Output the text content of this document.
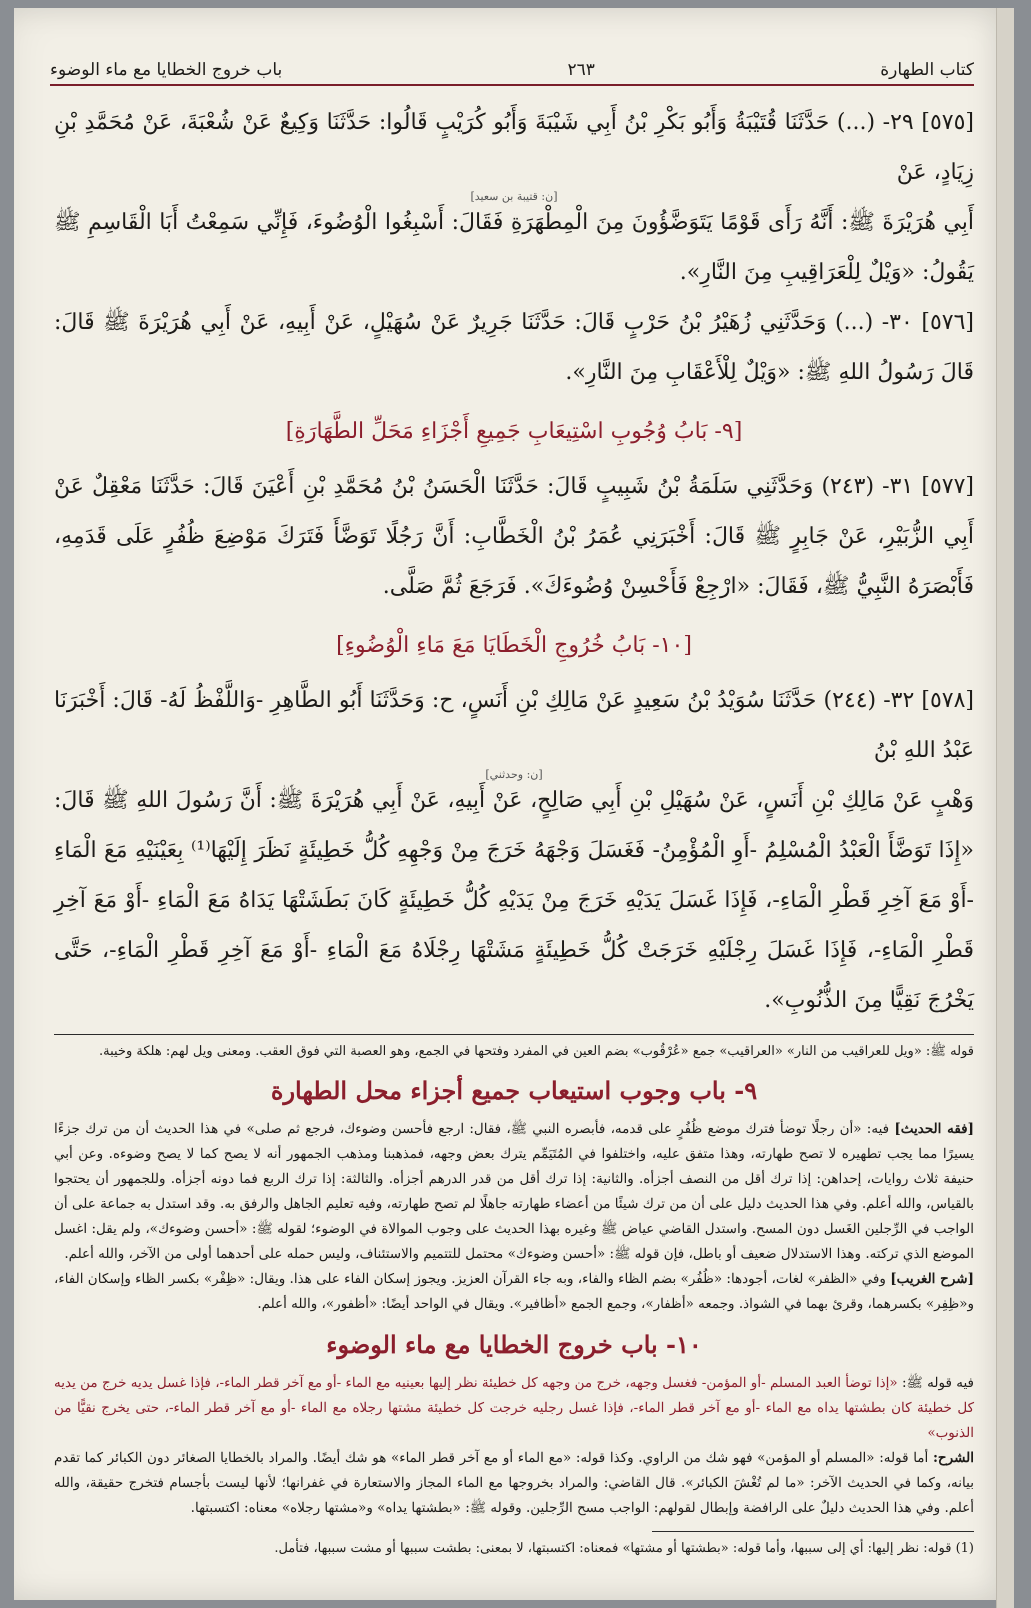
كتاب الطهارة
٢٦٣
باب خروج الخطايا مع ماء الوضوء

[٥٧٥] ٢٩- (...) حَدَّثَنَا قُتَيْبَةُ وَأَبُو بَكْرِ بْنُ أَبِي شَيْبَةَ وَأَبُو كُرَيْبٍ قَالُوا: حَدَّثَنَا وَكِيعٌ عَنْ شُعْبَةَ، عَنْ مُحَمَّدِ بْنِ زِيَادٍ، عَنْ
[ن: قتيبة بن سعيد]
أَبِي هُرَيْرَةَ ﷺ: أَنَّهُ رَأَى قَوْمًا يَتَوَضَّؤُونَ مِنَ الْمِطْهَرَةِ فَقَالَ: أَسْبِغُوا الْوُضُوءَ، فَإِنِّي سَمِعْتُ أَبَا الْقَاسِمِ ﷺ يَقُولُ: «وَيْلٌ لِلْعَرَاقِيبِ مِنَ النَّارِ».

[٥٧٦] ٣٠- (...) وَحَدَّثَنِي زُهَيْرُ بْنُ حَرْبٍ قَالَ: حَدَّثَنَا جَرِيرٌ عَنْ سُهَيْلٍ، عَنْ أَبِيهِ، عَنْ أَبِي هُرَيْرَةَ ﷺ قَالَ: قَالَ رَسُولُ اللهِ ﷺ: «وَيْلٌ لِلْأَعْقَابِ مِنَ النَّارِ».

[٩- بَابُ وُجُوبِ اسْتِيعَابِ جَمِيعِ أَجْزَاءِ مَحَلِّ الطَّهَارَةِ]

[٥٧٧] ٣١- (٢٤٣) وَحَدَّثَنِي سَلَمَةُ بْنُ شَبِيبٍ قَالَ: حَدَّثَنَا الْحَسَنُ بْنُ مُحَمَّدِ بْنِ أَعْيَنَ قَالَ: حَدَّثَنَا مَعْقِلٌ عَنْ أَبِي الزُّبَيْرِ، عَنْ جَابِرٍ ﷺ قَالَ: أَخْبَرَنِي عُمَرُ بْنُ الْخَطَّابِ: أَنَّ رَجُلًا تَوَضَّأَ فَتَرَكَ مَوْضِعَ ظُفُرٍ عَلَى قَدَمِهِ، فَأَبْصَرَهُ النَّبِيُّ ﷺ، فَقَالَ: «ارْجِعْ فَأَحْسِنْ وُضُوءَكَ». فَرَجَعَ ثُمَّ صَلَّى.

[١٠- بَابُ خُرُوجِ الْخَطَايَا مَعَ مَاءِ الْوُضُوءِ]

[٥٧٨] ٣٢- (٢٤٤) حَدَّثَنَا سُوَيْدُ بْنُ سَعِيدٍ عَنْ مَالِكِ بْنِ أَنَسٍ، ح: وَحَدَّثَنَا أَبُو الطَّاهِرِ -وَاللَّفْظُ لَهُ- قَالَ: أَخْبَرَنَا عَبْدُ اللهِ بْنُ
[ن: وحدثني]
وَهْبٍ عَنْ مَالِكِ بْنِ أَنَسٍ، عَنْ سُهَيْلِ بْنِ أَبِي صَالِحٍ، عَنْ أَبِيهِ، عَنْ أَبِي هُرَيْرَةَ ﷺ: أَنَّ رَسُولَ اللهِ ﷺ قَالَ: «إِذَا تَوَضَّأَ الْعَبْدُ الْمُسْلِمُ -أَوِ الْمُؤْمِنُ- فَغَسَلَ وَجْهَهُ خَرَجَ مِنْ وَجْهِهِ كُلُّ خَطِيئَةٍ نَظَرَ إِلَيْهَا⁽¹⁾ بِعَيْنَيْهِ مَعَ الْمَاءِ -أَوْ مَعَ آخِرِ قَطْرِ الْمَاءِ-، فَإِذَا غَسَلَ يَدَيْهِ خَرَجَ مِنْ يَدَيْهِ كُلُّ خَطِيئَةٍ كَانَ بَطَشَتْهَا يَدَاهُ مَعَ الْمَاءِ -أَوْ مَعَ آخِرِ قَطْرِ الْمَاءِ-، فَإِذَا غَسَلَ رِجْلَيْهِ خَرَجَتْ كُلُّ خَطِيئَةٍ مَشَتْهَا رِجْلَاهُ مَعَ الْمَاءِ -أَوْ مَعَ آخِرِ قَطْرِ الْمَاءِ-، حَتَّى يَخْرُجَ نَقِيًّا مِنَ الذُّنُوبِ».

قوله ﷺ: «ويل للعراقيب من النار» «العراقيب» جمع «عُرْقُوب» بضم العين في المفرد وفتحها في الجمع، وهو العصبة التي فوق العقب. ومعنى ويل لهم: هلكة وخيبة.
٩- باب وجوب استيعاب جميع أجزاء محل الطهارة

[فقه الحديث] فيه: «أن رجلًا توضأ فترك موضع ظُفُرٍ على قدمه، فأبصره النبي ﷺ، فقال: ارجع فأحسن وضوءك، فرجع ثم صلى» في هذا الحديث أن من ترك جزءًا يسيرًا مما يجب تطهيره لا تصح طهارته، وهذا متفق عليه، واختلفوا في المُتَيَمِّم يترك بعض وجهه، فمذهبنا ومذهب الجمهور أنه لا يصح كما لا يصح وضوءه. وعن أبي حنيفة ثلاث روايات، إحداهن: إذا ترك أقل من النصف أجزأه. والثانية: إذا ترك أقل من قدر الدرهم أجزأه. والثالثة: إذا ترك الربع فما دونه أجزأه. وللجمهور أن يحتجوا بالقياس، والله أعلم. وفي هذا الحديث دليل على أن من ترك شيئًا من أعضاء طهارته جاهلًا لم تصح طهارته، وفيه تعليم الجاهل والرفق به. وقد استدل به جماعة على أن الواجب في الرِّجلين الغَسل دون المسح. واستدل القاضي عياض ﷺ وغيره بهذا الحديث على وجوب الموالاة في الوضوء؛ لقوله ﷺ: «أحسن وضوءك»، ولم يقل: اغسل الموضع الذي تركته. وهذا الاستدلال ضعيف أو باطل، فإن قوله ﷺ: «أحسن وضوءك» محتمل للتتميم والاستئناف، وليس حمله على أحدهما أولى من الآخر، والله أعلم.

[شرح الغريب] وفي «الظفر» لغات، أجودها: «ظُفُر» بضم الظاء والفاء، وبه جاء القرآن العزيز. ويجوز إسكان الفاء على هذا. ويقال: «ظِفْر» بكسر الظاء وإسكان الفاء، و«ظِفِر» بكسرهما، وقرئ بهما في الشواذ. وجمعه «أظفار»، وجمع الجمع «أظافير». ويقال في الواحد أيضًا: «أظفور»، والله أعلم.

١٠- باب خروج الخطايا مع ماء الوضوء

فيه قوله ﷺ: «إذا توضأ العبد المسلم -أو المؤمن- فغسل وجهه، خرج من وجهه كل خطيئة نظر إليها بعينيه مع الماء -أو مع آخر قطر الماء-، فإذا غسل يديه خرج من يديه كل خطيئة كان بطشتها يداه مع الماء -أو مع آخر قطر الماء-، فإذا غسل رجليه خرجت كل خطيئة مشتها رجلاه مع الماء -أو مع آخر قطر الماء-، حتى يخرج نقيًّا من الذنوب»

الشرح: أما قوله: «المسلم أو المؤمن» فهو شك من الراوي. وكذا قوله: «مع الماء أو مع آخر قطر الماء» هو شك أيضًا. والمراد بالخطايا الصغائر دون الكبائر كما تقدم بيانه، وكما في الحديث الآخر: «ما لم تُغْشَ الكبائر». قال القاضي: والمراد بخروجها مع الماء المجاز والاستعارة في غفرانها؛ لأنها ليست بأجسام فتخرج حقيقة، والله أعلم. وفي هذا الحديث دليلٌ على الرافضة وإبطال لقولهم: الواجب مسح الرِّجلين. وقوله ﷺ: «بطشتها يداه» و«مشتها رجلاه» معناه: اكتسبتها.

(1) قوله: نظر إليها: أي إلى سببها، وأما قوله: «بطشتها أو مشتها» فمعناه: اكتسبتها، لا بمعنى: بطشت سببها أو مشت سببها، فتأمل.
